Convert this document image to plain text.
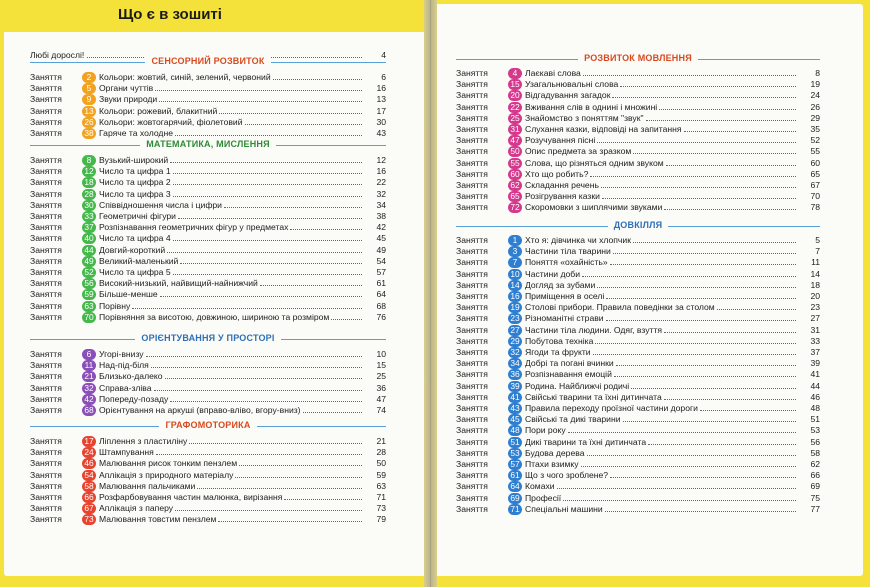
Що є в зошиті
Любі дорослі!	4
СЕНСОРНИЙ РОЗВИТОК
Заняття	2 Кольори: жовтий, синій, зелений, червоний	6
Заняття	5 Органи чуттів	16
Заняття	9 Звуки природи	13
Заняття	13 Кольори: рожевий, блакитний	17
Заняття	26 Кольори: жовтогарячий, фіолетовий	30
Заняття	38 Гаряче та холодне	43
МАТЕМАТИКА, МИСЛЕННЯ
Заняття	8 Вузький-широкий	12
Заняття	12 Число та цифра 1	16
Заняття	18 Число та цифра 2	22
Заняття	28 Число та цифра 3	32
Заняття	30 Співвідношення числа і цифри	34
Заняття	33 Геометричні фігури	38
Заняття	37 Розпізнавання геометричних фігур у предметах	42
Заняття	40 Число та цифра 4	45
Заняття	44 Довгий-короткий	49
Заняття	49 Великий-маленький	54
Заняття	52 Число та цифра 5	57
Заняття	56 Високий-низький, найвищий-найнижчий	61
Заняття	59 Більше-менше	64
Заняття	63 Порівну	68
Заняття	70 Порівняння за висотою, довжиною, шириною та розміром	76
ОРІЄНТУВАННЯ У ПРОСТОРІ
Заняття	6 Угорі-внизу	10
Заняття	11 Над-під-біля	15
Заняття	21 Близько-далеко	25
Заняття	32 Справа-зліва	36
Заняття	42 Попереду-позаду	47
Заняття	68 Орієнтування на аркуші (вправо-вліво, вгору-вниз)	74
ГРАФОМОТОРИКА
Заняття	17 Ліплення з пластиліну	21
Заняття	24 Штампування	28
Заняття	46 Малювання рисок тонким пензлем	50
Заняття	54 Аплікація з природного матеріалу	59
Заняття	58 Малювання пальчиками	63
Заняття	66 Розфарбовування частин малюнка, вирізання	71
Заняття	67 Аплікація з паперу	73
Заняття	73 Малювання товстим пензлем	79
РОЗВИТОК МОВЛЕННЯ
Заняття	4 Лаєкаві слова	8
Заняття	15 Узагальнювальні слова	19
Заняття	20 Відгадування загадок	24
Заняття	22 Вживання слів в однині і множині	26
Заняття	25 Знайомство з поняттям "звук"	29
Заняття	31 Слухання казки, відповіді на запитання	35
Заняття	47 Розучування пісні	52
Заняття	50 Опис предмета за зразком	55
Заняття	55 Слова, що різняться одним звуком	60
Заняття	60 Хто що робить?	65
Заняття	62 Складання речень	67
Заняття	65 Розігрування казки	70
Заняття	72 Скоромовки з шиплячими звуками	78
ДОВКІЛЛЯ
Заняття	1 Хто я: дівчинка чи хлопчик	5
Заняття	3 Частини тіла тварини	7
Заняття	7 Поняття «охайність»	11
Заняття	10 Частини доби	14
Заняття	14 Догляд за зубами	18
Заняття	16 Приміщення в оселі	20
Заняття	19 Столові прибори. Правила поведінки за столом	23
Заняття	23 Різноманітні страви	27
Заняття	27 Частини тіла людини. Одяг, взуття	31
Заняття	29 Побутова техніка	33
Заняття	32 Ягоди та фрукти	37
Заняття	34 Добрі та погані вчинки	39
Заняття	36 Розпізнавання емоцій	41
Заняття	39 Родина. Найближчі родичі	44
Заняття	41 Свійські тварини та їхні дитинчата	46
Заняття	43 Правила переходу проїзної частини дороги	48
Заняття	45 Свійські та дикі тварини	51
Заняття	48 Пори року	53
Заняття	51 Дикі тварини та їхні дитинчата	56
Заняття	53 Будова дерева	58
Заняття	57 Птахи взимку	62
Заняття	61 Що з чого зроблене?	66
Заняття	64 Комахи	69
Заняття	69 Професії	75
Заняття	71 Спеціальні машини	77
